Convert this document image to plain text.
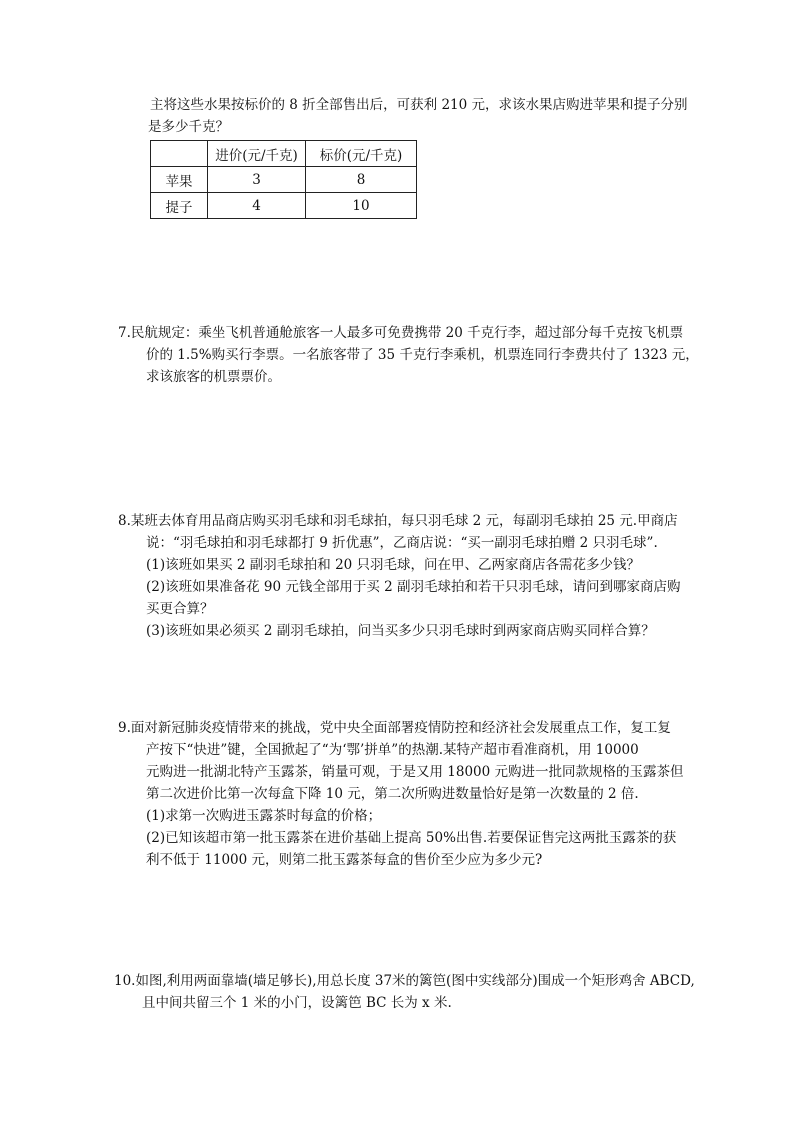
主将这些水果按标价的 8 折全部售出后，可获利 210 元，求该水果店购进苹果和提子分别
是多少千克？
	进价(元/千克)	标价(元/千克)
苹果	3	8
提子	4	10
7.民航规定：乘坐飞机普通舱旅客一人最多可免费携带 20 千克行李，超过部分每千克按飞机票
价的 1.5%购买行李票。一名旅客带了 35 千克行李乘机，机票连同行李费共付了 1323 元，
求该旅客的机票票价。
8.某班去体育用品商店购买羽毛球和羽毛球拍，每只羽毛球 2 元，每副羽毛球拍 25 元.甲商店
说：“羽毛球拍和羽毛球都打 9 折优惠”，乙商店说：“买一副羽毛球拍赠 2 只羽毛球”.
(1)该班如果买 2 副羽毛球拍和 20 只羽毛球，问在甲、乙两家商店各需花多少钱？
(2)该班如果准备花 90 元钱全部用于买 2 副羽毛球拍和若干只羽毛球，请问到哪家商店购
买更合算？
(3)该班如果必须买 2 副羽毛球拍，问当买多少只羽毛球时到两家商店购买同样合算？
9.面对新冠肺炎疫情带来的挑战，党中央全面部署疫情防控和经济社会发展重点工作，复工复
产按下“快进”键，全国掀起了“为‘鄂’拼单”的热潮.某特产超市看准商机，用 10000
元购进一批湖北特产玉露茶，销量可观，于是又用 18000 元购进一批同款规格的玉露茶但
第二次进价比第一次每盒下降 10 元，第二次所购进数量恰好是第一次数量的 2 倍.
(1)求第一次购进玉露茶时每盒的价格；
(2)已知该超市第一批玉露茶在进价基础上提高 50%出售.若要保证售完这两批玉露茶的获
利不低于 11000 元，则第二批玉露茶每盒的售价至少应为多少元?
10.如图,利用两面靠墙(墙足够长),用总长度 37米的篱笆(图中实线部分)围成一个矩形鸡舍 ABCD,
且中间共留三个 1 米的小门，设篱笆 BC 长为 x 米.
